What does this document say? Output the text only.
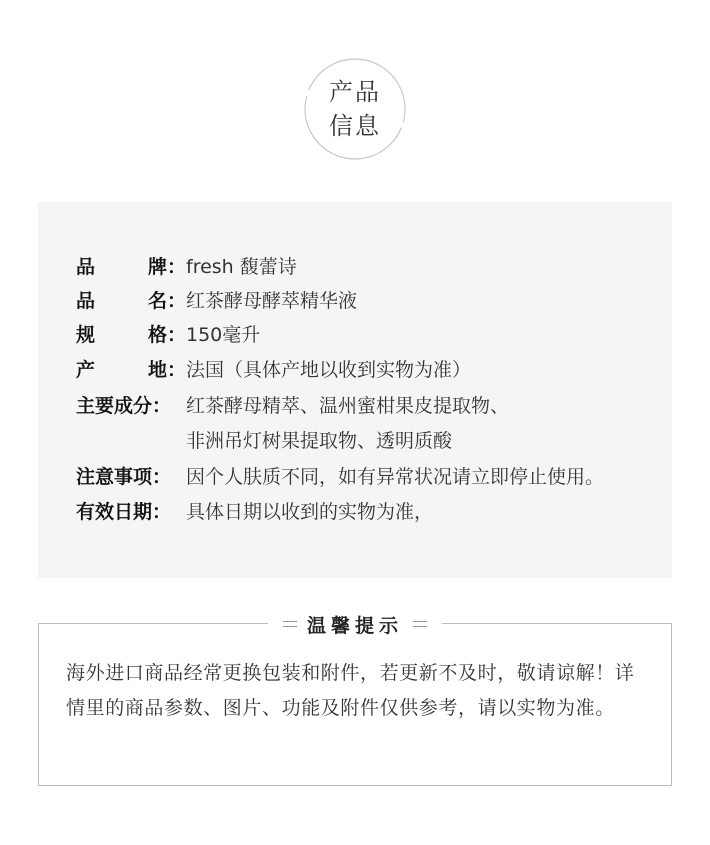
产品
信息
品	牌： fresh 馥蕾诗
品	名： 红茶酵母酵萃精华液
规	格： 150毫升
产	地： 法国（具体产地以收到实物为准）
主要成分： 红茶酵母精萃、温州蜜柑果皮提取物、
非洲吊灯树果提取物、透明质酸
注意事项： 因个人肤质不同，如有异常状况请立即停止使用。
有效日期： 具体日期以收到的实物为准，
温馨提示
海外进口商品经常更换包装和附件，若更新不及时，敬请谅解！详情里的商品参数、图片、功能及附件仅供参考，请以实物为准。
